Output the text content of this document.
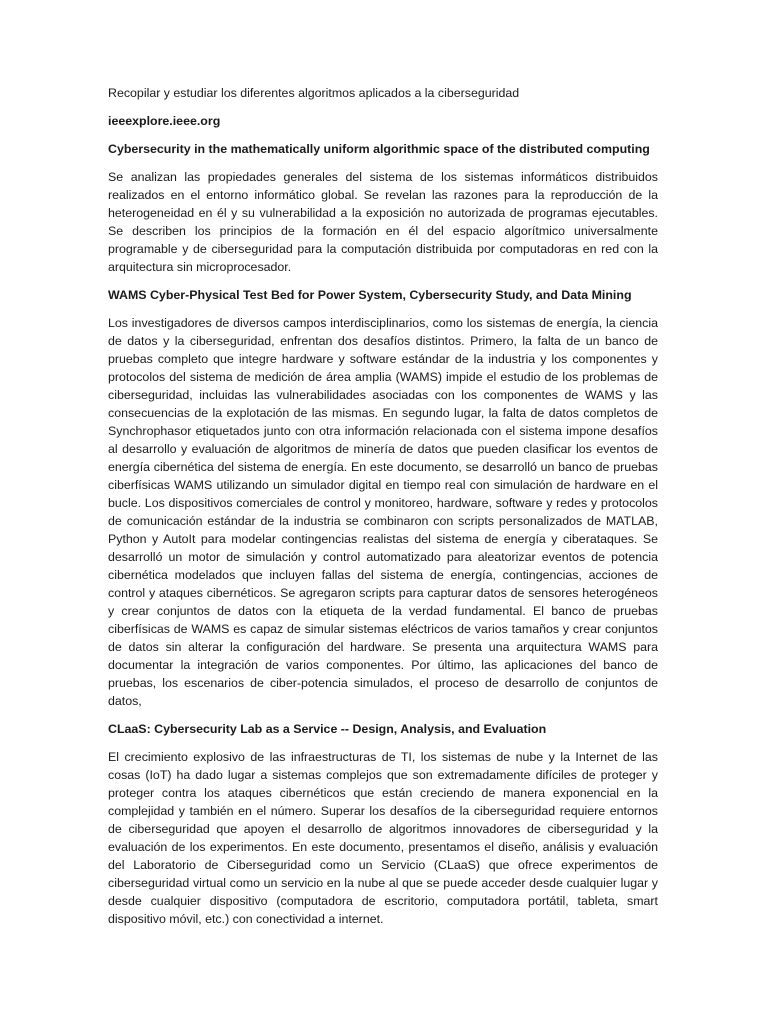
Recopilar y estudiar los diferentes algoritmos aplicados a la ciberseguridad

ieeexplore.ieee.org

Cybersecurity in the mathematically uniform algorithmic space of the distributed computing

Se analizan las propiedades generales del sistema de los sistemas informáticos distribuidos realizados en el entorno informático global. Se revelan las razones para la reproducción de la heterogeneidad en él y su vulnerabilidad a la exposición no autorizada de programas ejecutables. Se describen los principios de la formación en él del espacio algorítmico universalmente programable y de ciberseguridad para la computación distribuida por computadoras en red con la arquitectura sin microprocesador.

WAMS Cyber-Physical Test Bed for Power System, Cybersecurity Study, and Data Mining

Los investigadores de diversos campos interdisciplinarios, como los sistemas de energía, la ciencia de datos y la ciberseguridad, enfrentan dos desafíos distintos. Primero, la falta de un banco de pruebas completo que integre hardware y software estándar de la industria y los componentes y protocolos del sistema de medición de área amplia (WAMS) impide el estudio de los problemas de ciberseguridad, incluidas las vulnerabilidades asociadas con los componentes de WAMS y las consecuencias de la explotación de las mismas. En segundo lugar, la falta de datos completos de Synchrophasor etiquetados junto con otra información relacionada con el sistema impone desafíos al desarrollo y evaluación de algoritmos de minería de datos que pueden clasificar los eventos de energía cibernética del sistema de energía. En este documento, se desarrolló un banco de pruebas ciberfísicas WAMS utilizando un simulador digital en tiempo real con simulación de hardware en el bucle. Los dispositivos comerciales de control y monitoreo, hardware, software y redes y protocolos de comunicación estándar de la industria se combinaron con scripts personalizados de MATLAB, Python y AutoIt para modelar contingencias realistas del sistema de energía y ciberataques. Se desarrolló un motor de simulación y control automatizado para aleatorizar eventos de potencia cibernética modelados que incluyen fallas del sistema de energía, contingencias, acciones de control y ataques cibernéticos. Se agregaron scripts para capturar datos de sensores heterogéneos y crear conjuntos de datos con la etiqueta de la verdad fundamental. El banco de pruebas ciberfísicas de WAMS es capaz de simular sistemas eléctricos de varios tamaños y crear conjuntos de datos sin alterar la configuración del hardware. Se presenta una arquitectura WAMS para documentar la integración de varios componentes. Por último, las aplicaciones del banco de pruebas, los escenarios de ciber-potencia simulados, el proceso de desarrollo de conjuntos de datos,

CLaaS: Cybersecurity Lab as a Service -- Design, Analysis, and Evaluation

El crecimiento explosivo de las infraestructuras de TI, los sistemas de nube y la Internet de las cosas (IoT) ha dado lugar a sistemas complejos que son extremadamente difíciles de proteger y proteger contra los ataques cibernéticos que están creciendo de manera exponencial en la complejidad y también en el número. Superar los desafíos de la ciberseguridad requiere entornos de ciberseguridad que apoyen el desarrollo de algoritmos innovadores de ciberseguridad y la evaluación de los experimentos. En este documento, presentamos el diseño, análisis y evaluación del Laboratorio de Ciberseguridad como un Servicio (CLaaS) que ofrece experimentos de ciberseguridad virtual como un servicio en la nube al que se puede acceder desde cualquier lugar y desde cualquier dispositivo (computadora de escritorio, computadora portátil, tableta, smart dispositivo móvil, etc.) con conectividad a internet.
